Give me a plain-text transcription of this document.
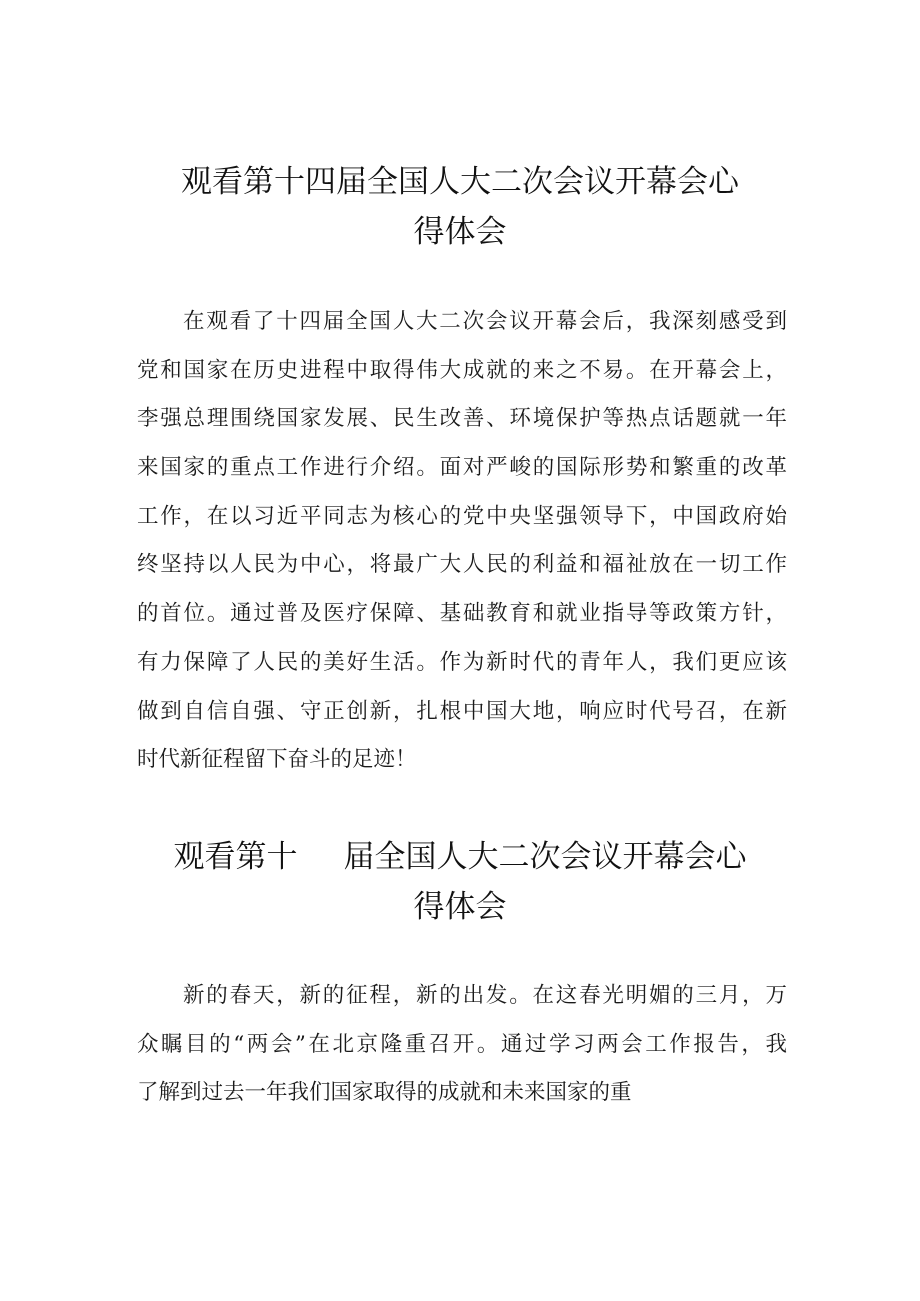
观看第十四届全国人大二次会议开幕会心
得体会
在观看了十四届全国人大二次会议开幕会后，我深刻感受到
党和国家在历史进程中取得伟大成就的来之不易。在开幕会上，
李强总理围绕国家发展、民生改善、环境保护等热点话题就一年
来国家的重点工作进行介绍。面对严峻的国际形势和繁重的改革
工作，在以习近平同志为核心的党中央坚强领导下，中国政府始
终坚持以人民为中心，将最广大人民的利益和福祉放在一切工作
的首位。通过普及医疗保障、基础教育和就业指导等政策方针，
有力保障了人民的美好生活。作为新时代的青年人，我们更应该
做到自信自强、守正创新，扎根中国大地，响应时代号召，在新
时代新征程留下奋斗的足迹！
观看第十 届全国人大二次会议开幕会心
得体会
新的春天，新的征程，新的出发。在这春光明媚的三月，万
众瞩目的“两会”在北京隆重召开。通过学习两会工作报告，我
了解到过去一年我们国家取得的成就和未来国家的重
